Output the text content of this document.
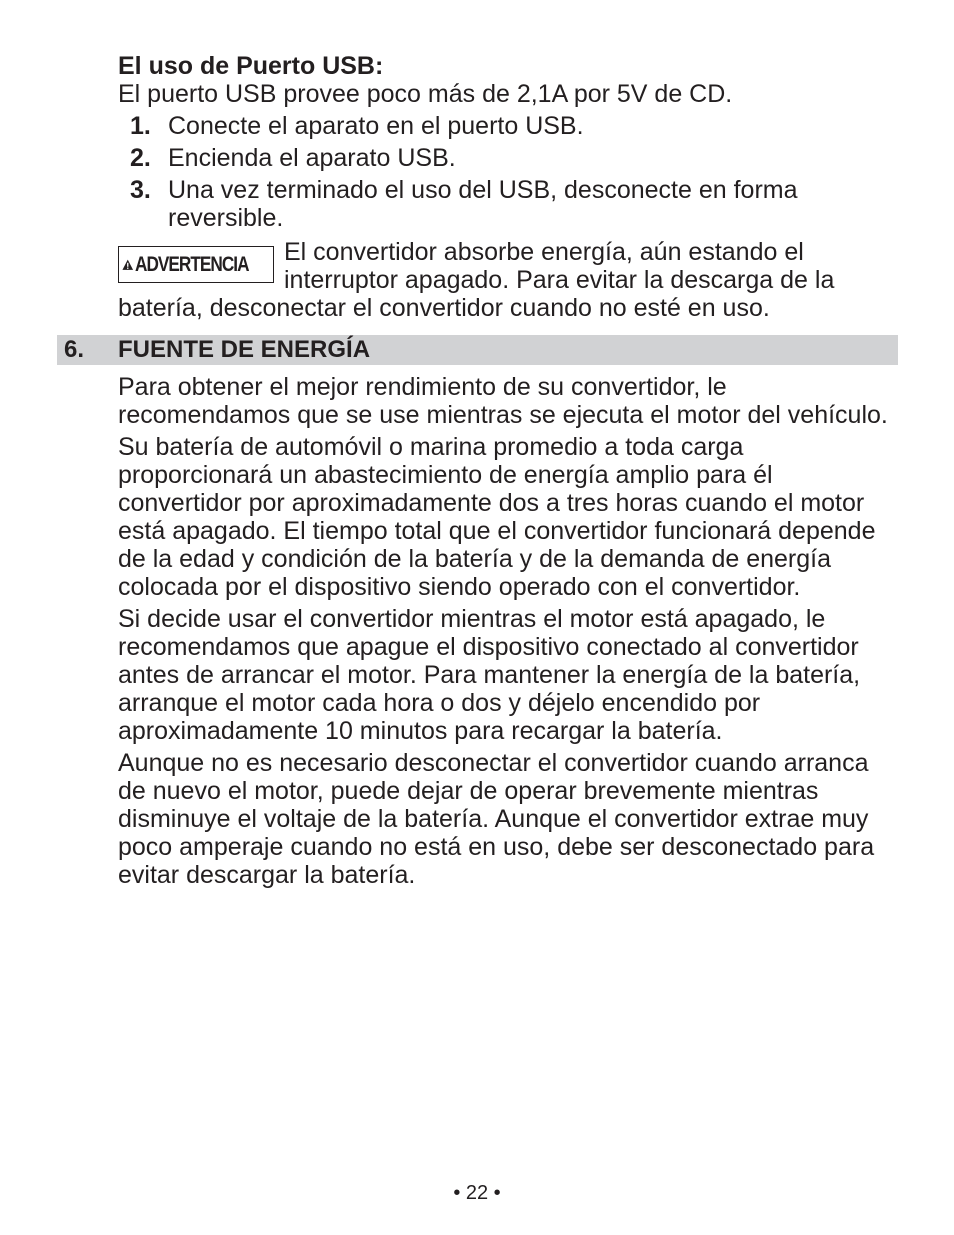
El uso de Puerto USB:
El puerto USB provee poco más de 2,1A por 5V de CD.
1. Conecte el aparato en el puerto USB.
2. Encienda el aparato USB.
3. Una vez terminado el uso del USB, desconecte en forma reversible.
ADVERTENCIA El convertidor absorbe energía, aún estando el interruptor apagado. Para evitar la descarga de la batería, desconectar el convertidor cuando no esté en uso.
6. FUENTE DE ENERGÍA

Para obtener el mejor rendimiento de su convertidor, le recomendamos que se use mientras se ejecuta el motor del vehículo.

Su batería de automóvil o marina promedio a toda carga proporcionará un abastecimiento de energía amplio para él convertidor por aproximadamente dos a tres horas cuando el motor está apagado. El tiempo total que el convertidor funcionará depende de la edad y condición de la batería y de la demanda de energía colocada por el dispositivo siendo operado con el convertidor.

Si decide usar el convertidor mientras el motor está apagado, le recomendamos que apague el dispositivo conectado al convertidor antes de arrancar el motor. Para mantener la energía de la batería, arranque el motor cada hora o dos y déjelo encendido por aproximadamente 10 minutos para recargar la batería.

Aunque no es necesario desconectar el convertidor cuando arranca de nuevo el motor, puede dejar de operar brevemente mientras disminuye el voltaje de la batería. Aunque el convertidor extrae muy poco amperaje cuando no está en uso, debe ser desconectado para evitar descargar la batería.

• 22 •
